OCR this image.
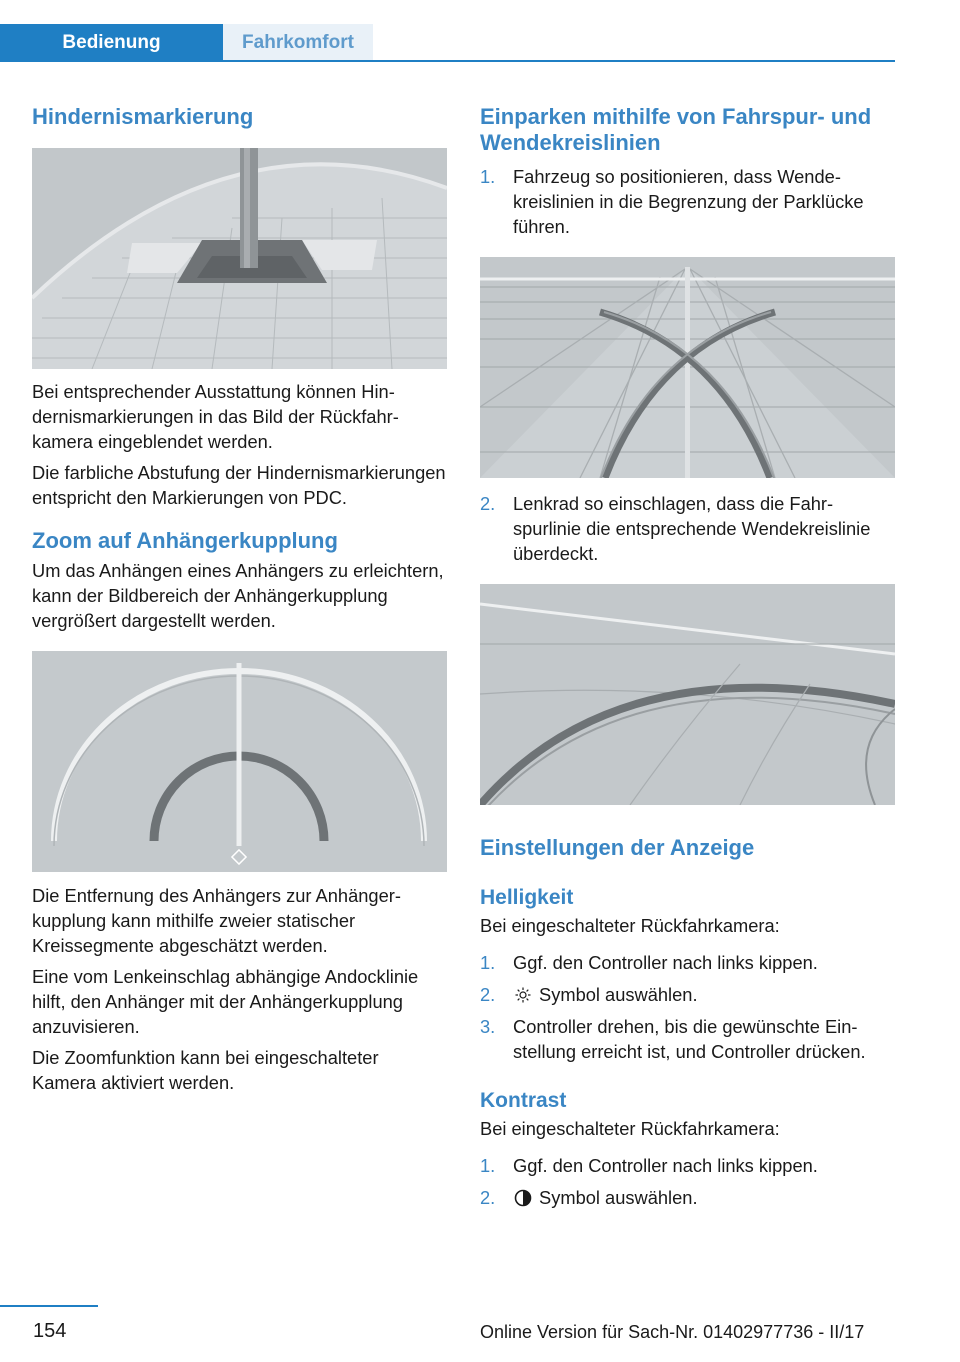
Bedienung	Fahrkomfort
Hindernismarkierung

Bei entsprechender Ausstattung können Hindernismarkierungen in das Bild der Rückfahrkamera eingeblendet werden.

Die farbliche Abstufung der Hindernismarkierungen entspricht den Markierungen von PDC.

Zoom auf Anhängerkupplung

Um das Anhängen eines Anhängers zu erleichtern, kann der Bildbereich der Anhängerkupplung vergrößert dargestellt werden.

Die Entfernung des Anhängers zur Anhängerkupplung kann mithilfe zweier statischer Kreissegmente abgeschätzt werden.

Eine vom Lenkeinschlag abhängige Andocklinie hilft, den Anhänger mit der Anhängerkupplung anzuvisieren.

Die Zoomfunktion kann bei eingeschalteter Kamera aktiviert werden.

Einparken mithilfe von Fahrspur- und Wendekreislinien
1. Fahrzeug so positionieren, dass Wendekreislinien in die Begrenzung der Parklücke führen.
2. Lenkrad so einschlagen, dass die Fahrspurlinie die entsprechende Wendekreislinie überdeckt.
Einstellungen der Anzeige
Helligkeit

Bei eingeschalteter Rückfahrkamera:

1. Ggf. den Controller nach links kippen.
2. Symbol auswählen.
3. Controller drehen, bis die gewünschte Einstellung erreicht ist, und Controller drücken.
Kontrast

Bei eingeschalteter Rückfahrkamera:

1. Ggf. den Controller nach links kippen.
2. Symbol auswählen.
154	Online Version für Sach-Nr. 01402977736 - II/17
